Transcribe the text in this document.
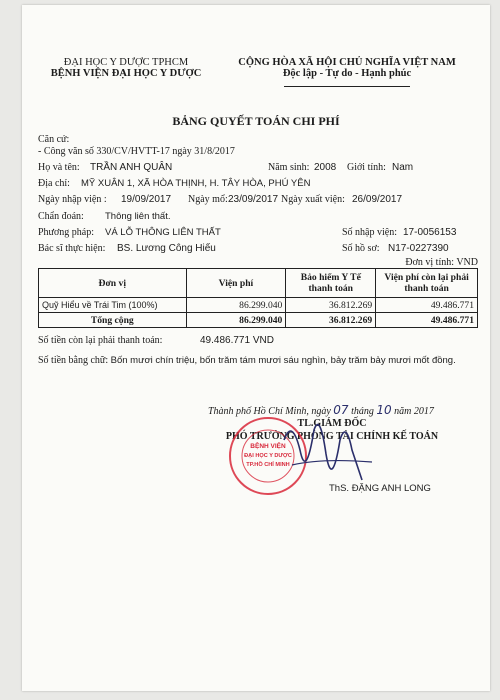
ĐẠI HỌC Y DƯỢC TPHCM
BỆNH VIỆN ĐẠI HỌC Y DƯỢC
CỘNG HÒA XÃ HỘI CHỦ NGHĨA VIỆT NAM
Độc lập - Tự do - Hạnh phúc
BẢNG QUYẾT TOÁN CHI PHÍ
Căn cứ:
- Công văn số 330/CV/HVTT-17 ngày 31/8/2017
Họ và tên: TRẦN ANH QUÂN	Năm sinh: 2008 Giới tính: Nam
Địa chỉ: MỸ XUÂN 1, XÃ HÒA THỊNH, H. TÂY HÒA, PHÚ YÊN
Ngày nhập viện : 19/09/2017 Ngày mổ: 23/09/2017 Ngày xuất viện: 26/09/2017
Chẩn đoán: Thông liên thất.
Phương pháp: VÁ LỖ THÔNG LIÊN THẤT	Số nhập viện: 17-0056153
Bác sĩ thực hiện: BS. Lương Công Hiếu	Số hồ sơ: N17-0227390
Đơn vị tính: VND
Đơn vị	Viện phí	Bảo hiểm Y Tế thanh toán	Viện phí còn lại phải thanh toán
Quỹ Hiểu về Trái Tim (100%)	86.299.040	36.812.269	49.486.771
Tổng cộng	86.299.040	36.812.269	49.486.771
Số tiền còn lại phải thanh toán:	49.486.771 VND
Số tiền bằng chữ: Bốn mươi chín triệu, bốn trăm tám mươi sáu nghìn, bảy trăm bảy mươi mốt đồng.
Thành phố Hồ Chí Minh, ngày 07 tháng 10 năm 2017
TL.GIÁM ĐỐC
PHÓ TRƯỞNG PHÒNG TÀI CHÍNH KẾ TOÁN
BỆNH VIỆN
ĐẠI HỌC Y DƯỢC
TP.HỒ CHÍ MINH
ThS. ĐẶNG ANH LONG
